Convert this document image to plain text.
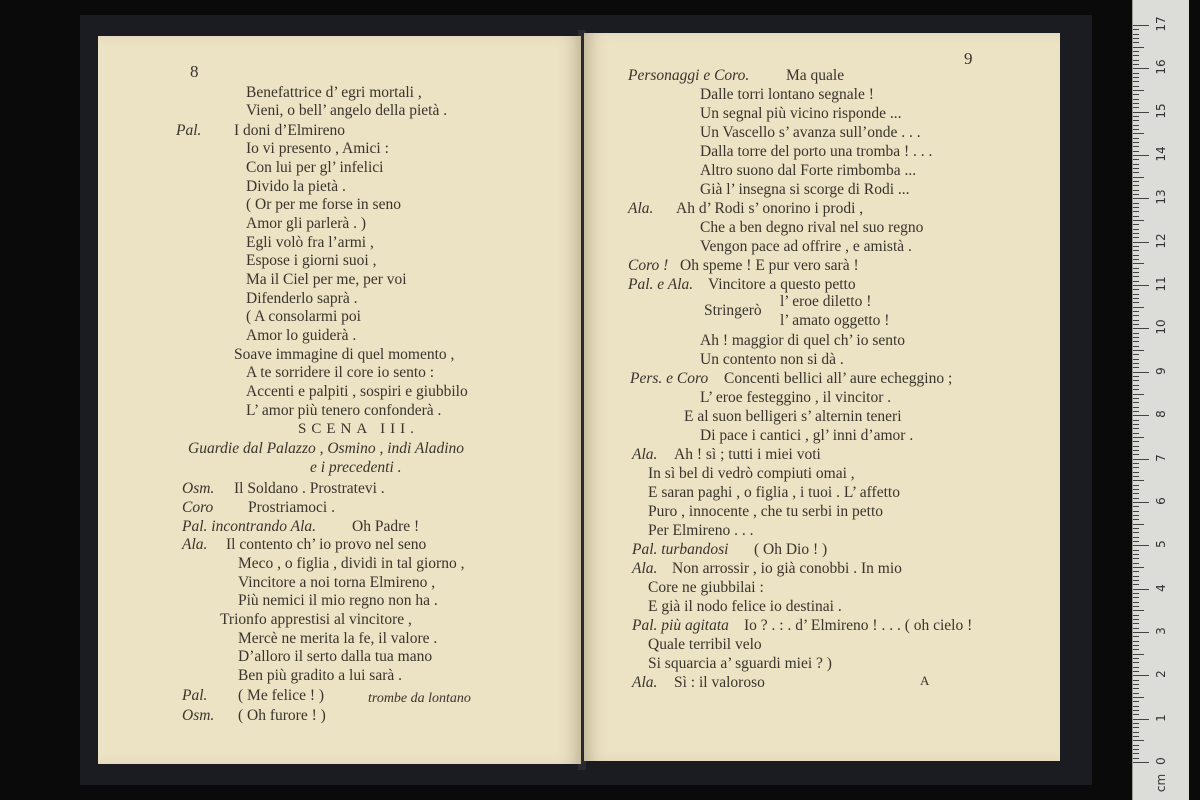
8
Benefattrice d’ egri mortali ,
Vieni, o bell’ angelo della pietà .
Pal. I doni d’Elmireno
Io vi presento , Amici :
Con lui per gl’ infelici
Divido la pietà .
( Or per me forse in seno
Amor gli parlerà . )
Egli volò fra l’armi ,
Espose i giorni suoi ,
Ma il Ciel per me, per voi
Difenderlo saprà .
( A consolarmi poi
Amor lo guiderà .
Soave immagine di quel momento ,
A te sorridere il core io sento :
Accenti e palpiti , sospiri e giubbilo
L’ amor più tenero confonderà .
SCENA III.
Guardie dal Palazzo , Osmino , indi Aladino
e i precedenti .
Osm. Il Soldano . Prostratevi .
Coro Prostriamoci .
Pal. incontrando Ala. Oh Padre !
Ala. Il contento ch’ io provo nel seno
Meco , o figlia , dividi in tal giorno ,
Vincitore a noi torna Elmireno ,
Più nemici il mio regno non ha .
Trionfo apprestisi al vincitore ,
Mercè ne merita la fe, il valore .
D’alloro il serto dalla tua mano
Ben più gradito a lui sarà .
Pal. ( Me felice ! )
Osm. ( Oh furore ! )
trombe da lontano
9
Personaggi e Coro. Ma quale
Dalle torri lontano segnale !
Un segnal più vicino risponde ...
Un Vascello s’ avanza sull’onde . . .
Dalla torre del porto una tromba ! . . .
Altro suono dal Forte rimbomba ...
Già l’ insegna si scorge di Rodi ...
Ala. Ah d’ Rodi s’ onorino i prodi ,
Che a ben degno rival nel suo regno
Vengon pace ad offrire , e amistà .
Coro ! Oh speme ! E pur vero sarà !
Pal. e Ala. Vincitore a questo petto
Stringerò
l’ eroe diletto !
l’ amato oggetto !
Ah ! maggior di quel ch’ io sento
Un contento non si dà .
Pers. e Coro Concenti bellici all’ aure echeggino ;
L’ eroe festeggino , il vincitor .
E al suon belligeri s’ alternin teneri
Di pace i cantici , gl’ inni d’amor .
Ala. Ah ! sì ; tutti i miei voti
In sì bel di vedrò compiuti omai ,
E saran paghi , o figlia , i tuoi . L’ affetto
Puro , innocente , che tu serbi in petto
Per Elmireno . . .
Pal. turbandosi ( Oh Dio ! )
Ala. Non arrossir , io già conobbi . In mio
Core ne giubbilai :
E già il nodo felice io destinai .
Pal. più agitata Io ? . : . d’ Elmireno ! . . . ( oh cielo !
Quale terribil velo
Si squarcia a’ sguardi miei ? )
Ala. Sì : il valoroso	A
0
1
2
3
4
5
6
7
8
9
10
11
12
13
14
15
16
17
cm
